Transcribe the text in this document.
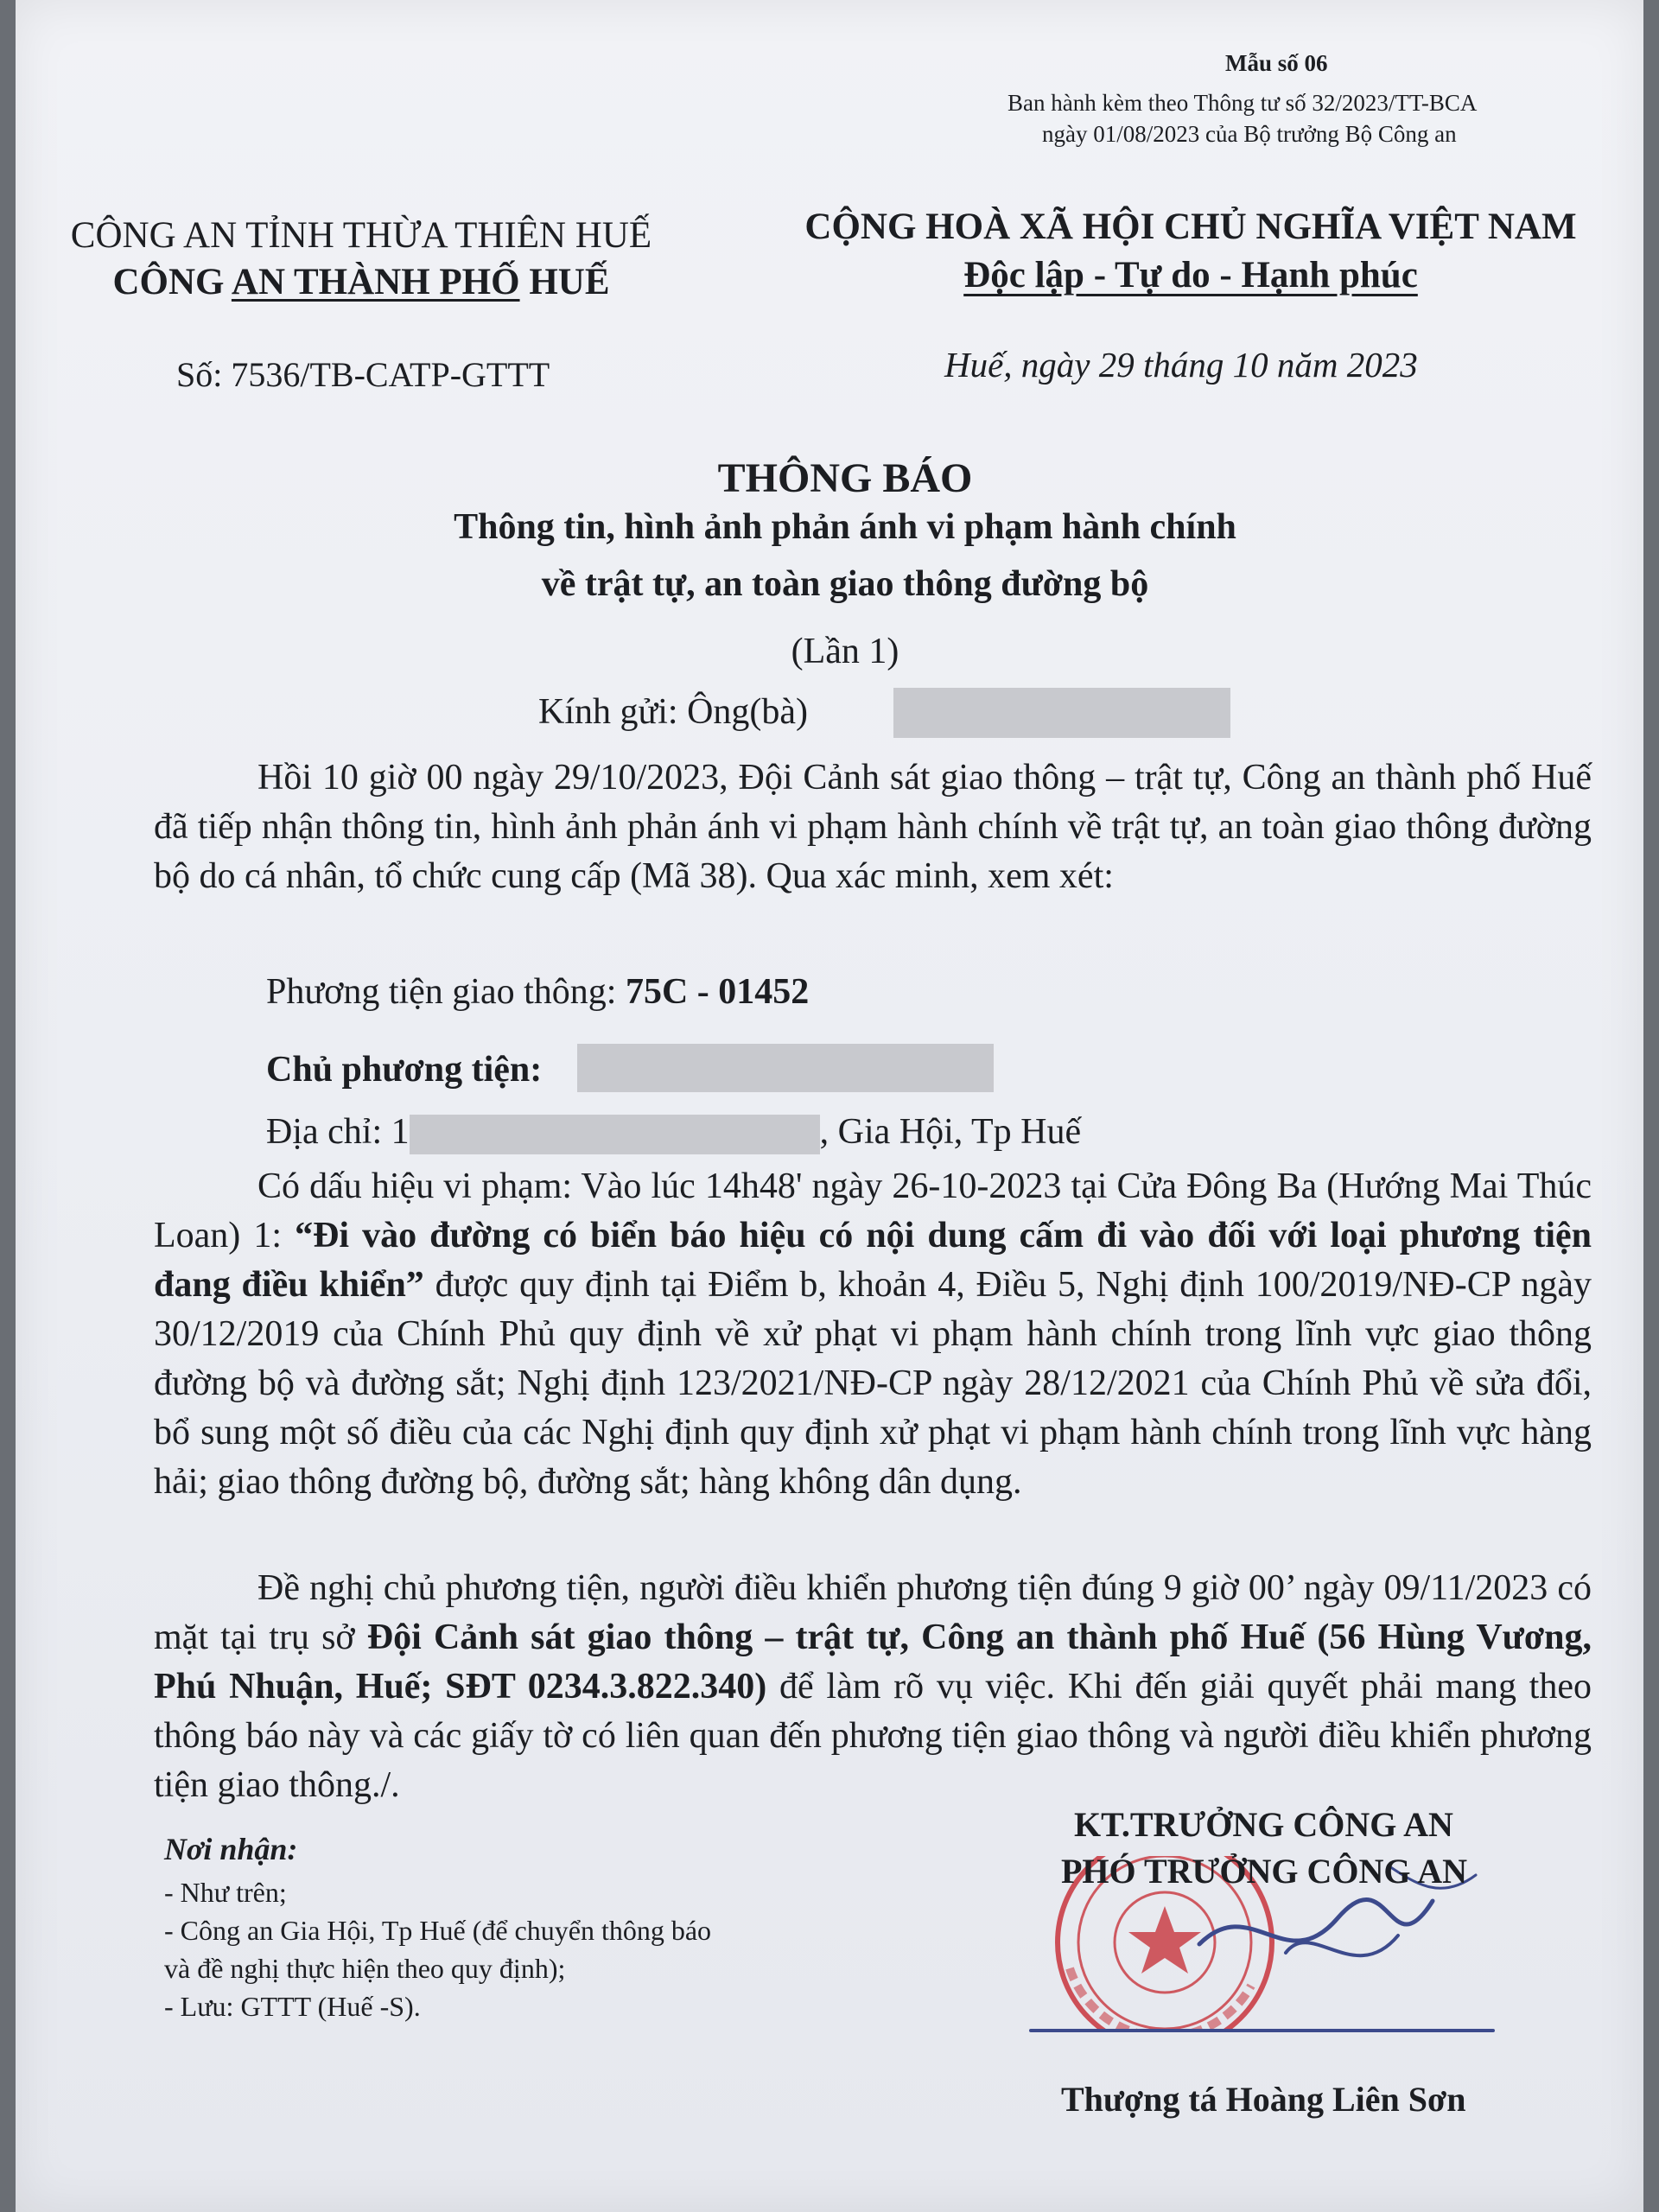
Mẫu số 06
Ban hành kèm theo Thông tư số 32/2023/TT-BCA
ngày 01/08/2023 của Bộ trưởng Bộ Công an
CÔNG AN TỈNH THỪA THIÊN HUẾ
CÔNG AN THÀNH PHỐ HUẾ
CỘNG HOÀ XÃ HỘI CHỦ NGHĨA VIỆT NAM
Độc lập - Tự do - Hạnh phúc
Số: 7536/TB-CATP-GTTT	Huế, ngày 29 tháng 10 năm 2023
THÔNG BÁO
Thông tin, hình ảnh phản ánh vi phạm hành chính
về trật tự, an toàn giao thông đường bộ
(Lần 1)
Kính gửi: Ông(bà)

Hồi 10 giờ 00 ngày 29/10/2023, Đội Cảnh sát giao thông – trật tự, Công an thành phố Huế đã tiếp nhận thông tin, hình ảnh phản ánh vi phạm hành chính về trật tự, an toàn giao thông đường bộ do cá nhân, tổ chức cung cấp (Mã 38). Qua xác minh, xem xét:

Phương tiện giao thông: 75C - 01452
Chủ phương tiện:
Địa chỉ: 1	, Gia Hội, Tp Huế

Có dấu hiệu vi phạm: Vào lúc 14h48' ngày 26-10-2023 tại Cửa Đông Ba (Hướng Mai Thúc Loan) 1: “Đi vào đường có biển báo hiệu có nội dung cấm đi vào đối với loại phương tiện đang điều khiển” được quy định tại Điểm b, khoản 4, Điều 5, Nghị định 100/2019/NĐ-CP ngày 30/12/2019 của Chính Phủ quy định về xử phạt vi phạm hành chính trong lĩnh vực giao thông đường bộ và đường sắt; Nghị định 123/2021/NĐ-CP ngày 28/12/2021 của Chính Phủ về sửa đổi, bổ sung một số điều của các Nghị định quy định xử phạt vi phạm hành chính trong lĩnh vực hàng hải; giao thông đường bộ, đường sắt; hàng không dân dụng.

Đề nghị chủ phương tiện, người điều khiển phương tiện đúng 9 giờ 00’ ngày 09/11/2023 có mặt tại trụ sở Đội Cảnh sát giao thông – trật tự, Công an thành phố Huế (56 Hùng Vương, Phú Nhuận, Huế; SĐT 0234.3.822.340) để làm rõ vụ việc. Khi đến giải quyết phải mang theo thông báo này và các giấy tờ có liên quan đến phương tiện giao thông và người điều khiển phương tiện giao thông./.

Nơi nhận:
- Như trên;
- Công an Gia Hội, Tp Huế (để chuyển thông báo
và đề nghị thực hiện theo quy định);
- Lưu: GTTT (Huế -S).
KT.TRƯỞNG CÔNG AN
PHÓ TRƯỞNG CÔNG AN
Thượng tá Hoàng Liên Sơn
